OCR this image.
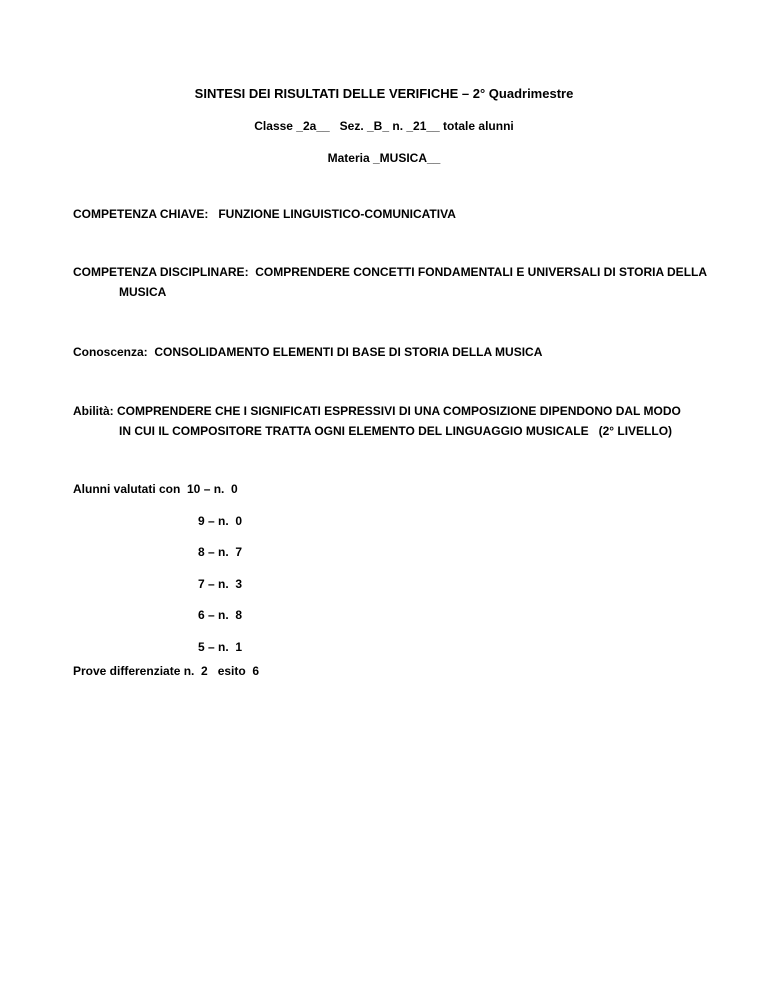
SINTESI DEI RISULTATI DELLE VERIFICHE – 2° Quadrimestre
Classe _2a__   Sez. _B_ n. _21__ totale alunni
Materia _MUSICA__
COMPETENZA CHIAVE:   FUNZIONE LINGUISTICO-COMUNICATIVA
COMPETENZA DISCIPLINARE:  COMPRENDERE CONCETTI FONDAMENTALI E UNIVERSALI DI STORIA DELLA
MUSICA
Conoscenza:  CONSOLIDAMENTO ELEMENTI DI BASE DI STORIA DELLA MUSICA
Abilità: COMPRENDERE CHE I SIGNIFICATI ESPRESSIVI DI UNA COMPOSIZIONE DIPENDONO DAL MODO
IN CUI IL COMPOSITORE TRATTA OGNI ELEMENTO DEL LINGUAGGIO MUSICALE   (2° LIVELLO)
Alunni valutati con  10 – n.  0
9 – n.  0
8 – n.  7
7 – n.  3
6 – n.  8
5 – n.  1
Prove differenziate n.  2   esito  6
